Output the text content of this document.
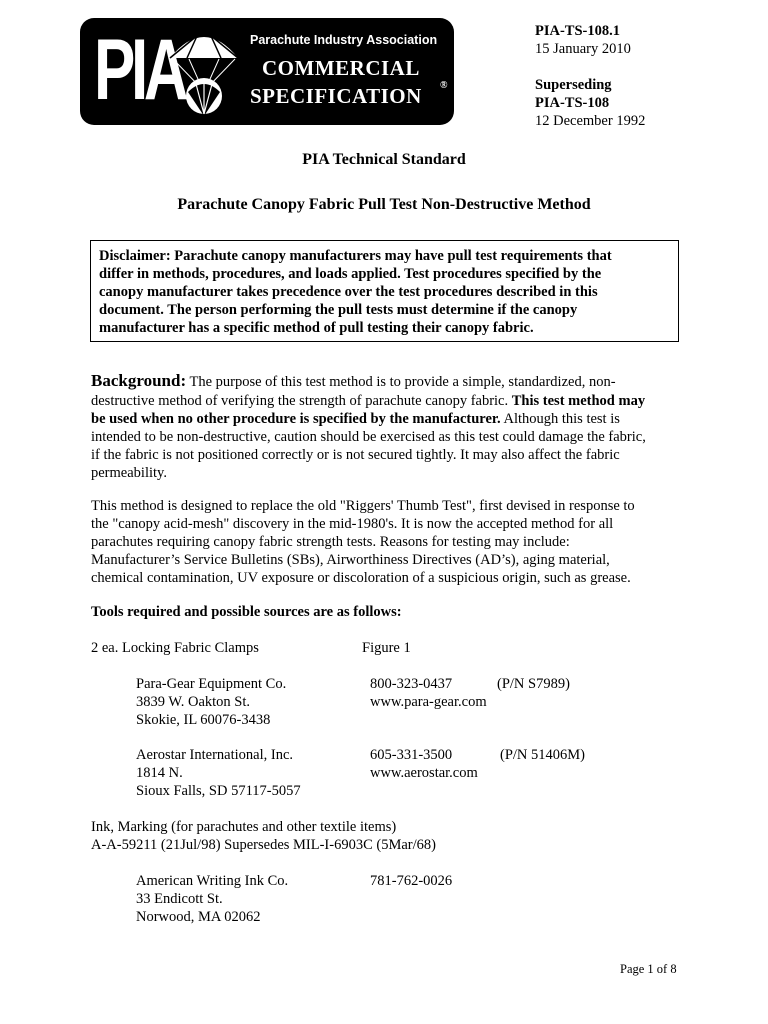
PIA	Parachute Industry Association
COMMERCIAL
SPECIFICATION ®
PIA-TS-108.1
15 January 2010
Superseding
PIA-TS-108
12 December 1992
PIA Technical Standard
Parachute Canopy Fabric Pull Test Non-Destructive Method
Disclaimer: Parachute canopy manufacturers may have pull test requirements that
differ in methods, procedures, and loads applied. Test procedures specified by the
canopy manufacturer takes precedence over the test procedures described in this
document. The person performing the pull tests must determine if the canopy
manufacturer has a specific method of pull testing their canopy fabric.
Background: The purpose of this test method is to provide a simple, standardized, non-
destructive method of verifying the strength of parachute canopy fabric. This test method may
be used when no other procedure is specified by the manufacturer. Although this test is
intended to be non-destructive, caution should be exercised as this test could damage the fabric,
if the fabric is not positioned correctly or is not secured tightly. It may also affect the fabric
permeability.
This method is designed to replace the old "Riggers' Thumb Test", first devised in response to
the "canopy acid-mesh" discovery in the mid-1980's. It is now the accepted method for all
parachutes requiring canopy fabric strength tests. Reasons for testing may include:
Manufacturer’s Service Bulletins (SBs), Airworthiness Directives (AD’s), aging material,
chemical contamination, UV exposure or discoloration of a suspicious origin, such as grease.
Tools required and possible sources are as follows:
2 ea. Locking Fabric Clamps	Figure 1
Para-Gear Equipment Co.
3839 W. Oakton St.
Skokie, IL 60076-3438
800-323-0437	(P/N S7989)
www.para-gear.com
Aerostar International, Inc.
1814 N.
Sioux Falls, SD 57117-5057
605-331-3500	(P/N 51406M)
www.aerostar.com
Ink, Marking (for parachutes and other textile items)
A-A-59211 (21Jul/98) Supersedes MIL-I-6903C (5Mar/68)
American Writing Ink Co.
33 Endicott St.
Norwood, MA 02062
781-762-0026
Page 1 of 8
